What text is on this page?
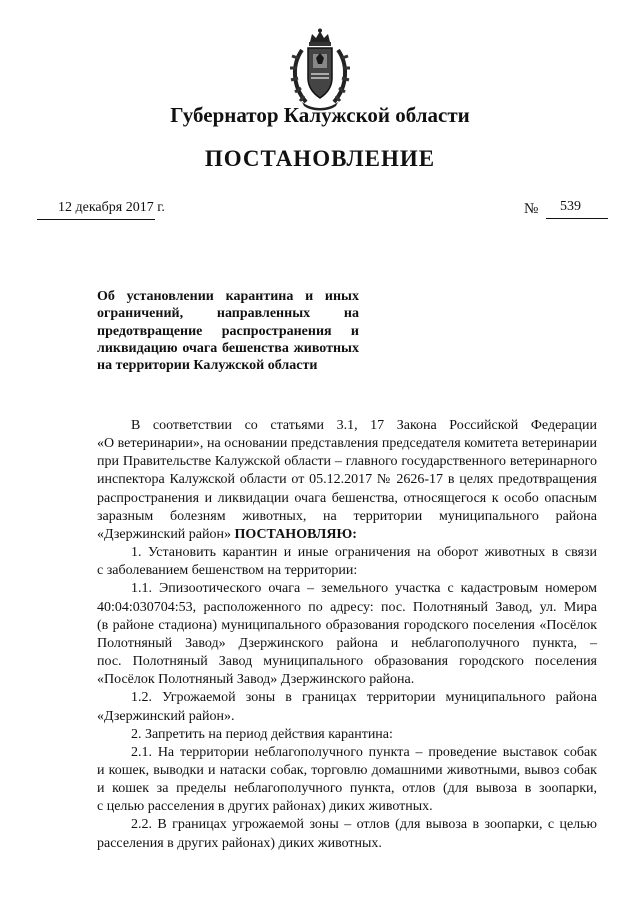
Губернатор Калужской области
ПОСТАНОВЛЕНИЕ
12 декабря 2017 г.	№ 539
Об установлении карантина и иных
ограничений, направленных на
предотвращение распространения и
ликвидацию очага бешенства животных
на территории Калужской области
В соответствии со статьями 3.1, 17 Закона Российской Федерации
«О ветеринарии», на основании представления председателя комитета ветеринарии
при Правительстве Калужской области – главного государственного ветеринарного
инспектора Калужской области от 05.12.2017 № 2626-17 в целях предотвращения
распространения и ликвидации очага бешенства, относящегося к особо опасным
заразным болезням животных, на территории муниципального района
«Дзержинский район» ПОСТАНОВЛЯЮ:
1. Установить карантин и иные ограничения на оборот животных в связи
с заболеванием бешенством на территории:
1.1. Эпизоотического очага – земельного участка с кадастровым номером
40:04:030704:53, расположенного по адресу: пос. Полотняный Завод, ул. Мира
(в районе стадиона) муниципального образования городского поселения «Посёлок
Полотняный Завод» Дзержинского района и неблагополучного пункта, –
пос. Полотняный Завод муниципального образования городского поселения
«Посёлок Полотняный Завод» Дзержинского района.
1.2. Угрожаемой зоны в границах территории муниципального района
«Дзержинский район».
2. Запретить на период действия карантина:
2.1. На территории неблагополучного пункта – проведение выставок собак
и кошек, выводки и натаски собак, торговлю домашними животными, вывоз собак
и кошек за пределы неблагополучного пункта, отлов (для вывоза в зоопарки,
с целью расселения в других районах) диких животных.
2.2. В границах угрожаемой зоны – отлов (для вывоза в зоопарки, с целью
расселения в других районах) диких животных.
